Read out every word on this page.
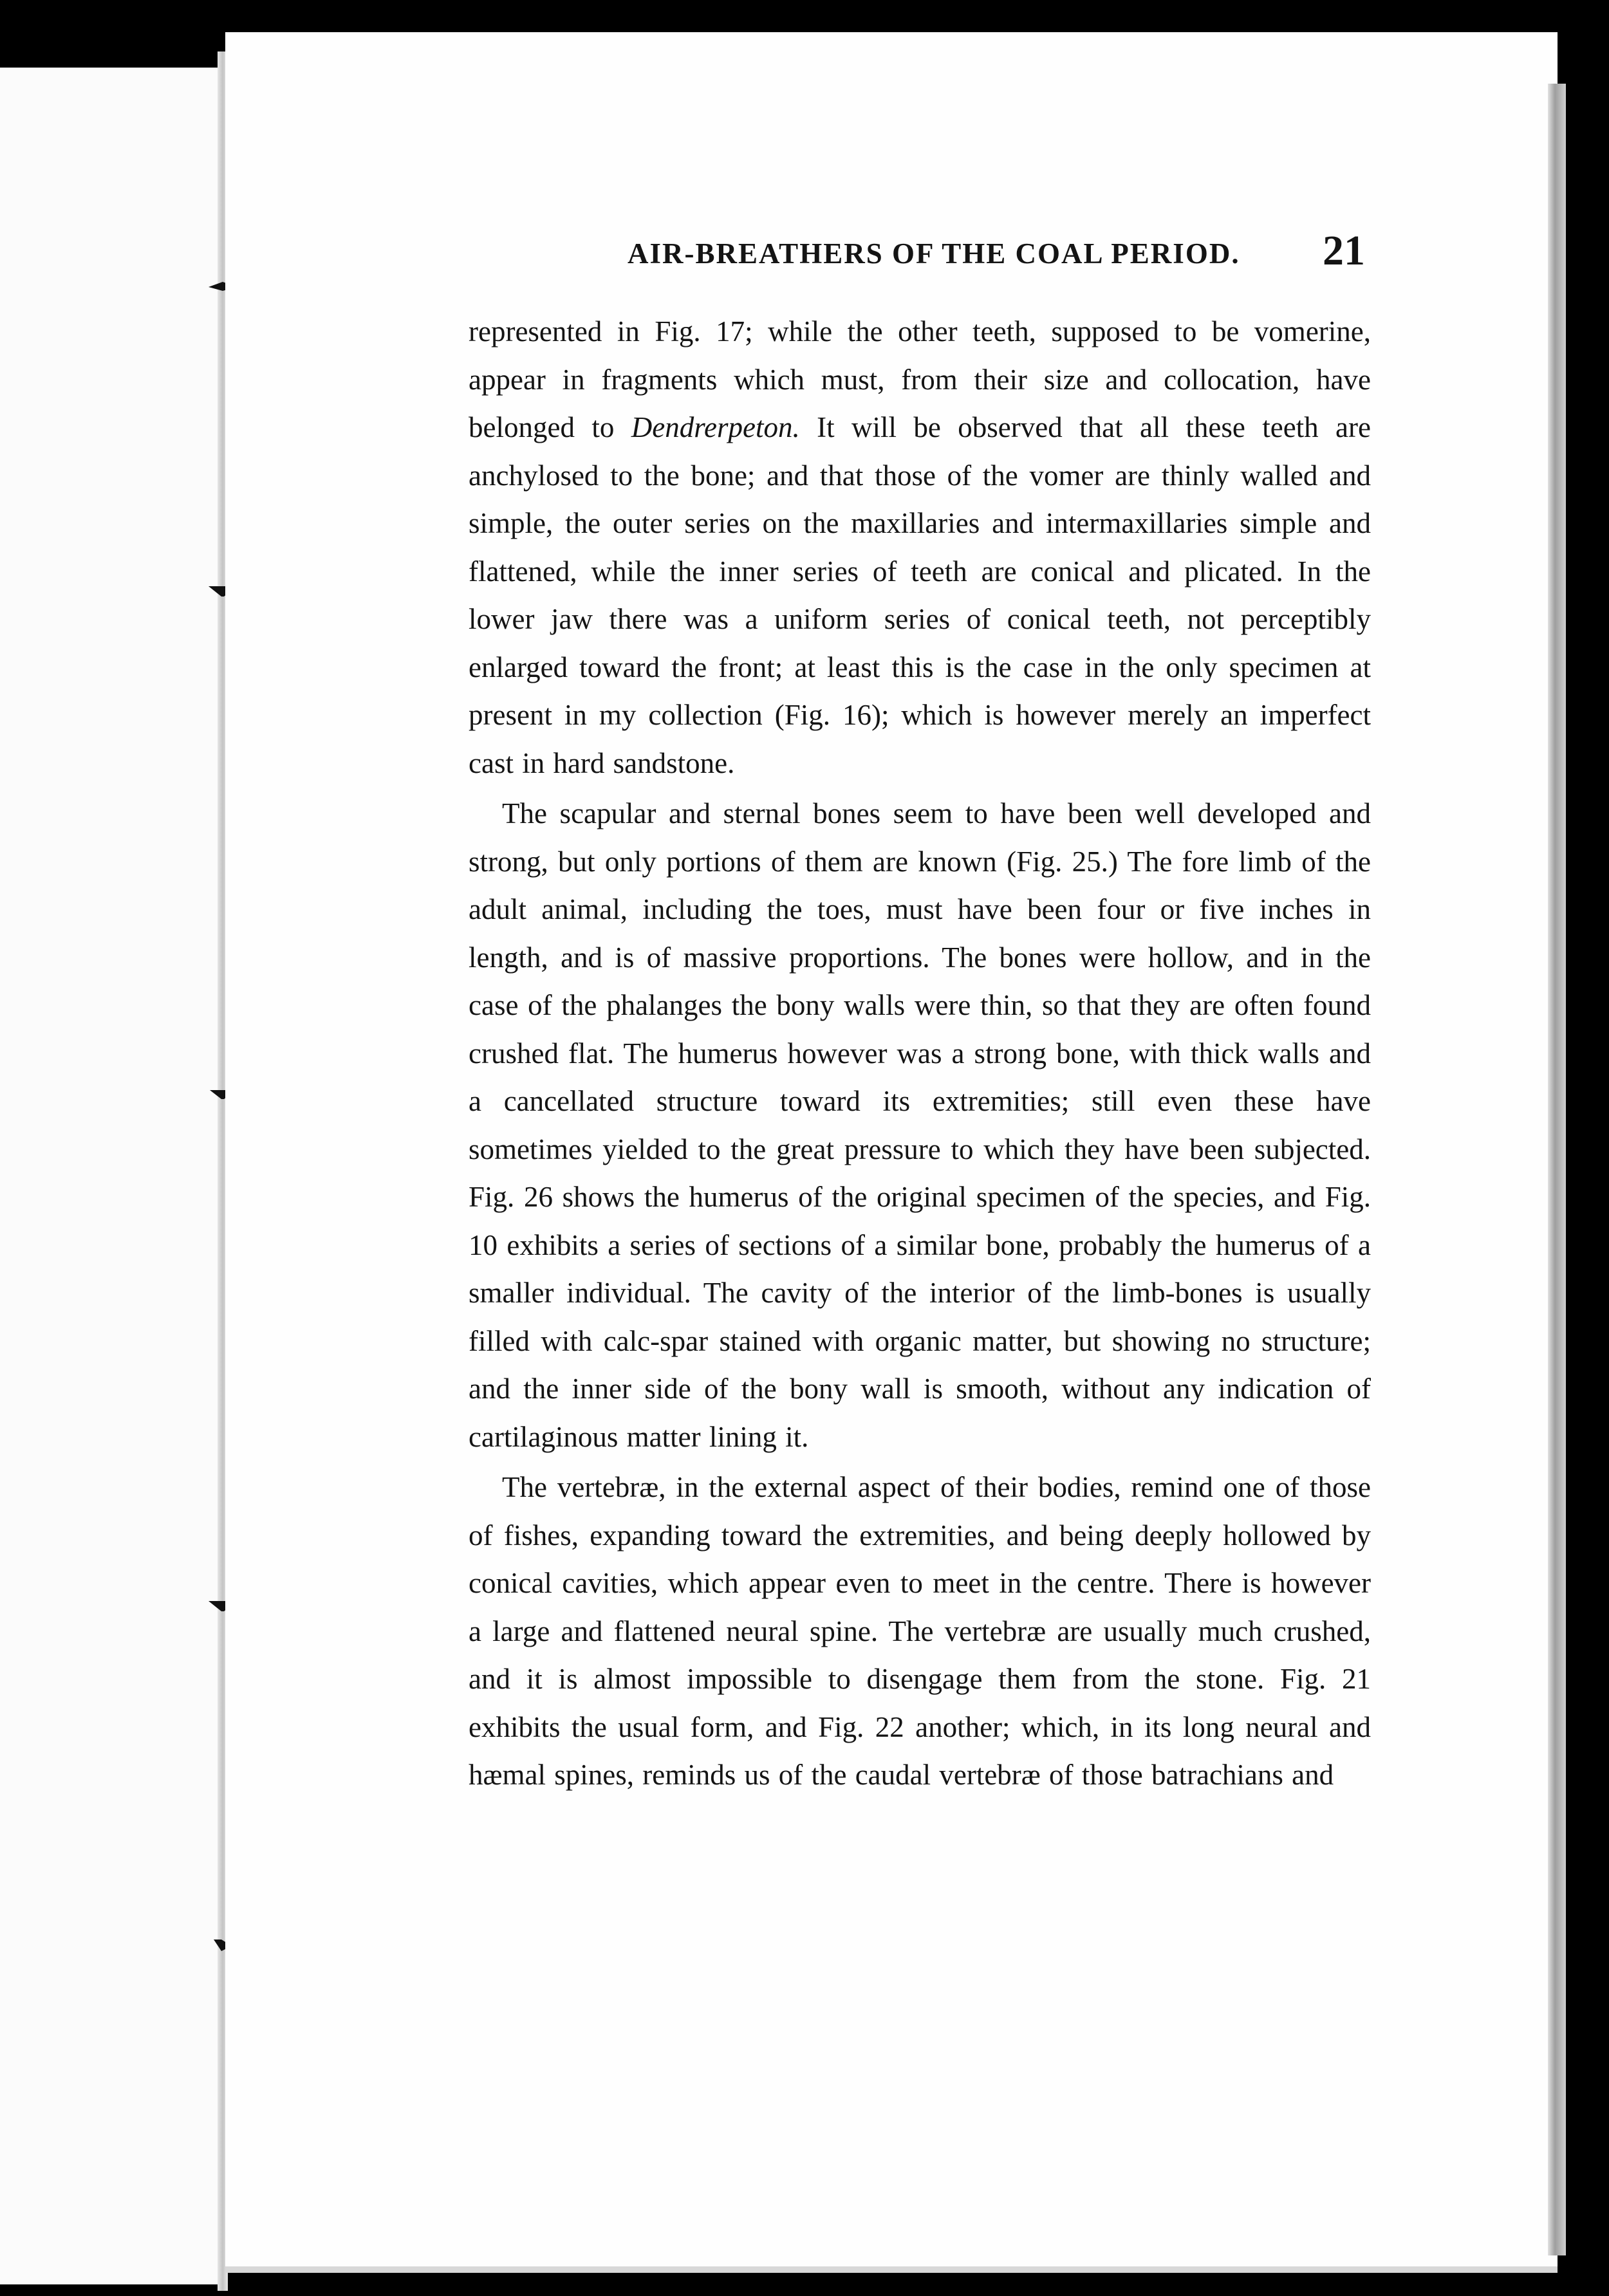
AIR-BREATHERS OF THE COAL PERIOD.	21

represented in Fig. 17; while the other teeth, supposed to be vomerine, appear in fragments which must, from their size and collocation, have belonged to Dendrerpeton. It will be observed that all these teeth are anchylosed to the bone; and that those of the vomer are thinly walled and simple, the outer series on the maxillaries and intermaxillaries simple and flattened, while the inner series of teeth are conical and plicated. In the lower jaw there was a uniform series of conical teeth, not perceptibly enlarged toward the front; at least this is the case in the only specimen at present in my collection (Fig. 16); which is however merely an imperfect cast in hard sandstone.

The scapular and sternal bones seem to have been well developed and strong, but only portions of them are known (Fig. 25.) The fore limb of the adult animal, including the toes, must have been four or five inches in length, and is of massive proportions. The bones were hollow, and in the case of the phalanges the bony walls were thin, so that they are often found crushed flat. The humerus however was a strong bone, with thick walls and a cancellated structure toward its extremities; still even these have sometimes yielded to the great pressure to which they have been subjected. Fig. 26 shows the humerus of the original specimen of the species, and Fig. 10 exhibits a series of sections of a similar bone, probably the humerus of a smaller individual. The cavity of the interior of the limb-bones is usually filled with calc-spar stained with organic matter, but showing no structure; and the inner side of the bony wall is smooth, without any indication of cartilaginous matter lining it.

The vertebræ, in the external aspect of their bodies, remind one of those of fishes, expanding toward the extremities, and being deeply hollowed by conical cavities, which appear even to meet in the centre. There is however a large and flattened neural spine. The vertebræ are usually much crushed, and it is almost impossible to disengage them from the stone. Fig. 21 exhibits the usual form, and Fig. 22 another; which, in its long neural and hæmal spines, reminds us of the caudal vertebræ of those batrachians and
